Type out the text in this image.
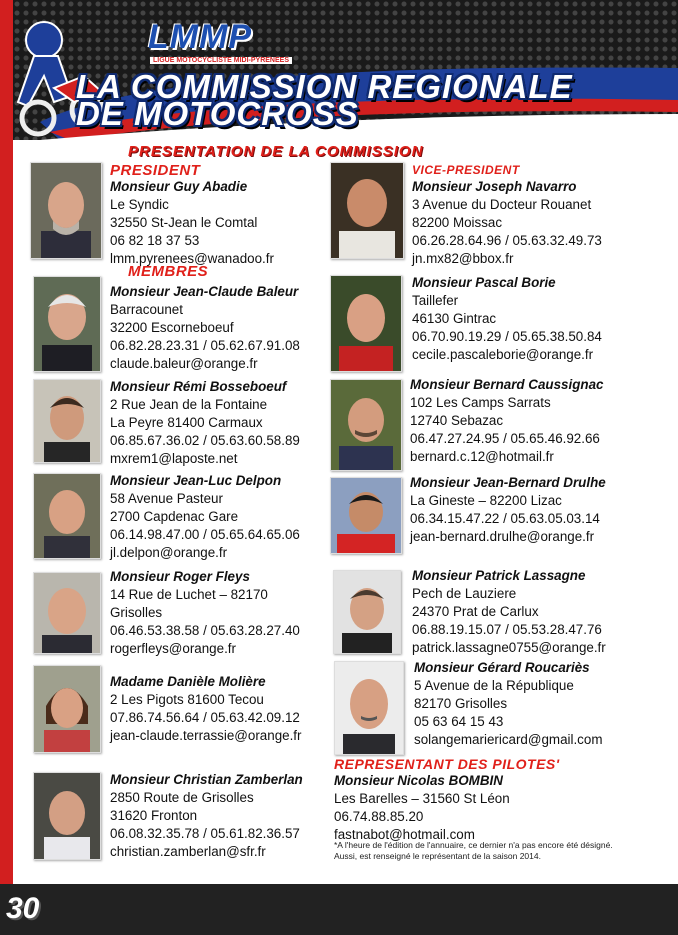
LMMP
LIGUE MOTOCYCLISTE MIDI-PYRENEES
LA COMMISSION REGIONALE
DE MOTOCROSS
PRESENTATION DE LA COMMISSION
PRESIDENT
Monsieur Guy Abadie
Le Syndic
32550 St-Jean le Comtal
06 82 18 37 53
lmm.pyrenees@wanadoo.fr
MEMBRES
VICE-PRESIDENT
Monsieur Joseph Navarro
3 Avenue du Docteur Rouanet
82200 Moissac
06.26.28.64.96 / 05.63.32.49.73
jn.mx82@bbox.fr
Monsieur Jean-Claude Baleur
Barracounet
32200 Escorneboeuf
06.82.28.23.31 / 05.62.67.91.08
claude.baleur@orange.fr
Monsieur Rémi Bosseboeuf
2 Rue Jean de la Fontaine
La Peyre 81400 Carmaux
06.85.67.36.02 / 05.63.60.58.89
mxrem1@laposte.net
Monsieur Jean-Luc Delpon
58 Avenue Pasteur
2700 Capdenac Gare
06.14.98.47.00 / 05.65.64.65.06
jl.delpon@orange.fr
Monsieur Roger Fleys
14 Rue de Luchet – 82170
Grisolles
06.46.53.38.58 / 05.63.28.27.40
rogerfleys@orange.fr
Madame Danièle Molière
2 Les Pigots 81600 Tecou
07.86.74.56.64 / 05.63.42.09.12
jean-claude.terrassie@orange.fr
Monsieur Christian Zamberlan
2850 Route de Grisolles
31620 Fronton
06.08.32.35.78 / 05.61.82.36.57
christian.zamberlan@sfr.fr
Monsieur Pascal Borie
Taillefer
46130 Gintrac
06.70.90.19.29 / 05.65.38.50.84
cecile.pascaleborie@orange.fr
Monsieur Bernard Caussignac
102 Les Camps Sarrats
12740 Sebazac
06.47.27.24.95 / 05.65.46.92.66
bernard.c.12@hotmail.fr
Monsieur Jean-Bernard Drulhe
La Gineste – 82200 Lizac
06.34.15.47.22 / 05.63.05.03.14
jean-bernard.drulhe@orange.fr
Monsieur Patrick Lassagne
Pech de Lauziere
24370 Prat de Carlux
06.88.19.15.07 / 05.53.28.47.76
patrick.lassagne0755@orange.fr
Monsieur Gérard Roucariès
5 Avenue de la République
82170 Grisolles
05 63 64 15 43
solangemariericard@gmail.com
REPRESENTANT DES PILOTES'
Monsieur Nicolas BOMBIN
Les Barelles – 31560 St Léon
06.74.88.85.20
fastnabot@hotmail.com
*A l'heure de l'édition de l'annuaire, ce dernier n'a pas encore été désigné. Aussi, est renseigné le représentant de la saison 2014.
30
